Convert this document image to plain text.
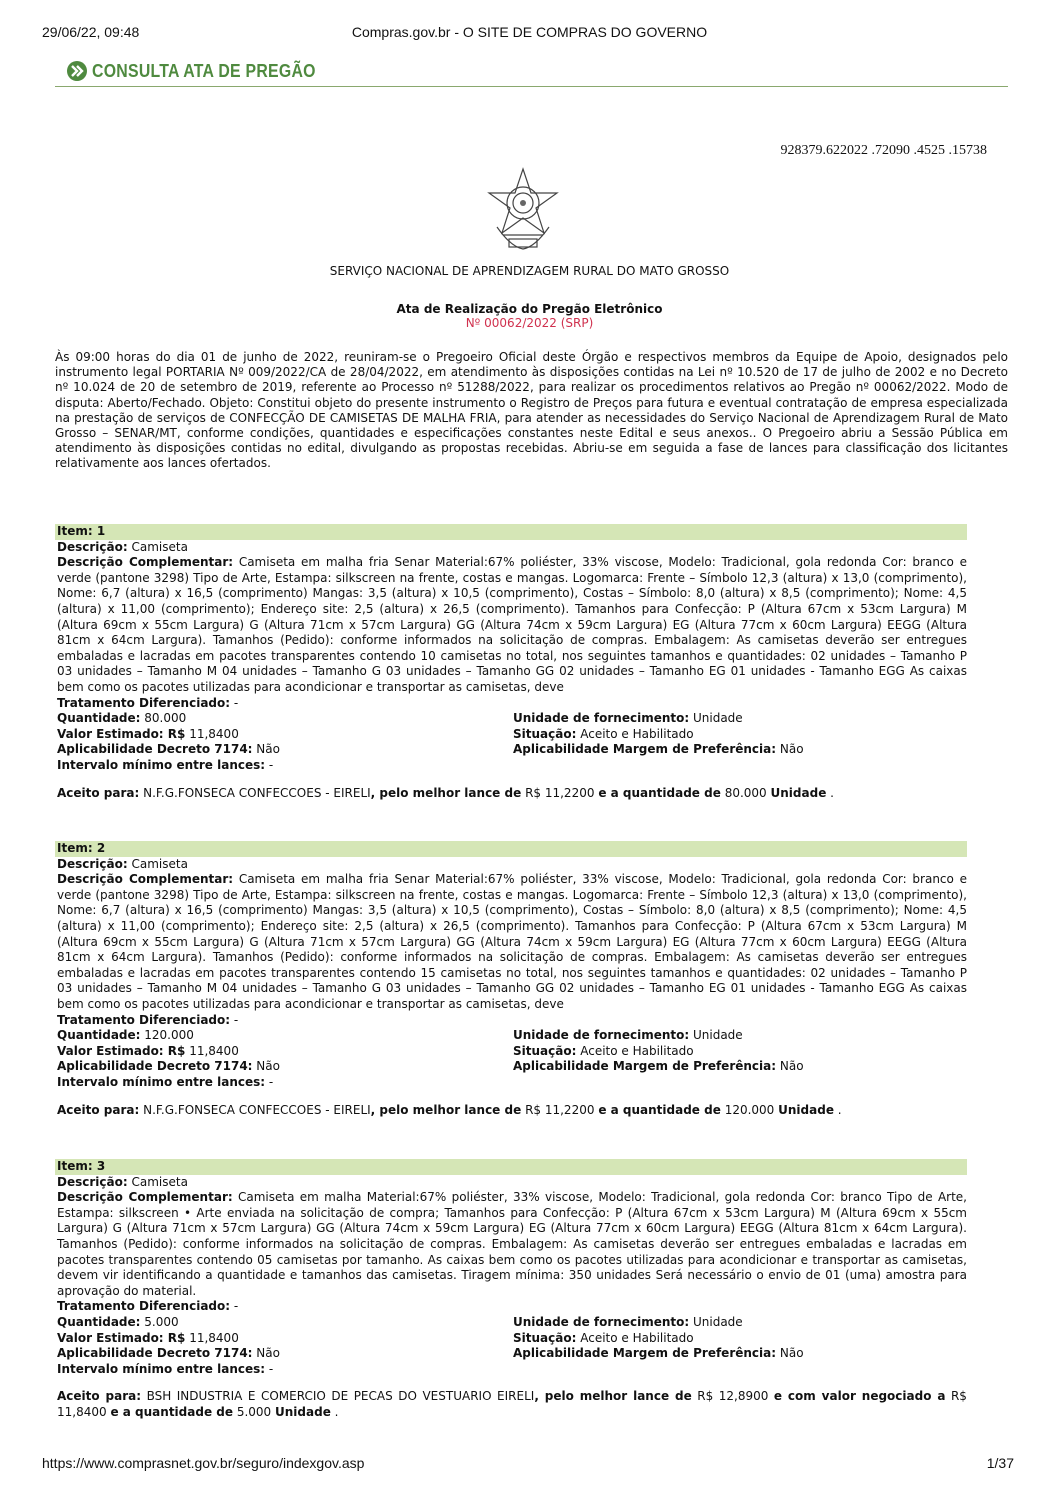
29/06/22, 09:48	Compras.gov.br - O SITE DE COMPRAS DO GOVERNO
CONSULTA ATA DE PREGÃO
928379.622022 .72090 .4525 .15738
SERVIÇO NACIONAL DE APRENDIZAGEM RURAL DO MATO GROSSO
Ata de Realização do Pregão Eletrônico
Nº 00062/2022 (SRP)
Às 09:00 horas do dia 01 de junho de 2022, reuniram-se o Pregoeiro Oficial deste Órgão e respectivos membros da Equipe de Apoio, designados pelo instrumento legal PORTARIA Nº 009/2022/CA de 28/04/2022, em atendimento às disposições contidas na Lei nº 10.520 de 17 de julho de 2002 e no Decreto nº 10.024 de 20 de setembro de 2019, referente ao Processo nº 51288/2022, para realizar os procedimentos relativos ao Pregão nº 00062/2022. Modo de disputa: Aberto/Fechado. Objeto: Constitui objeto do presente instrumento o Registro de Preços para futura e eventual contratação de empresa especializada na prestação de serviços de CONFECÇÃO DE CAMISETAS DE MALHA FRIA, para atender as necessidades do Serviço Nacional de Aprendizagem Rural de Mato Grosso – SENAR/MT, conforme condições, quantidades e especificações constantes neste Edital e seus anexos.. O Pregoeiro abriu a Sessão Pública em atendimento às disposições contidas no edital, divulgando as propostas recebidas. Abriu-se em seguida a fase de lances para classificação dos licitantes relativamente aos lances ofertados.
Item: 1
Descrição: Camiseta
Descrição Complementar: Camiseta em malha fria Senar Material:67% poliéster, 33% viscose, Modelo: Tradicional, gola redonda Cor: branco e verde (pantone 3298) Tipo de Arte, Estampa: silkscreen na frente, costas e mangas. Logomarca: Frente – Símbolo 12,3 (altura) x 13,0 (comprimento), Nome: 6,7 (altura) x 16,5 (comprimento) Mangas: 3,5 (altura) x 10,5 (comprimento), Costas – Símbolo: 8,0 (altura) x 8,5 (comprimento); Nome: 4,5 (altura) x 11,00 (comprimento); Endereço site: 2,5 (altura) x 26,5 (comprimento). Tamanhos para Confecção: P (Altura 67cm x 53cm Largura) M (Altura 69cm x 55cm Largura) G (Altura 71cm x 57cm Largura) GG (Altura 74cm x 59cm Largura) EG (Altura 77cm x 60cm Largura) EEGG (Altura 81cm x 64cm Largura). Tamanhos (Pedido): conforme informados na solicitação de compras. Embalagem: As camisetas deverão ser entregues embaladas e lacradas em pacotes transparentes contendo 10 camisetas no total, nos seguintes tamanhos e quantidades: 02 unidades – Tamanho P 03 unidades – Tamanho M 04 unidades – Tamanho G 03 unidades – Tamanho GG 02 unidades – Tamanho EG 01 unidades - Tamanho EGG As caixas bem como os pacotes utilizadas para acondicionar e transportar as camisetas, deve
Tratamento Diferenciado: -
Quantidade: 80.000	Unidade de fornecimento: Unidade
Valor Estimado: R$ 11,8400	Situação: Aceito e Habilitado
Aplicabilidade Decreto 7174: Não	Aplicabilidade Margem de Preferência: Não
Intervalo mínimo entre lances: -
Aceito para: N.F.G.FONSECA CONFECCOES - EIRELI, pelo melhor lance de R$ 11,2200 e a quantidade de 80.000 Unidade .
Item: 2
Descrição: Camiseta
Descrição Complementar: Camiseta em malha fria Senar Material:67% poliéster, 33% viscose, Modelo: Tradicional, gola redonda Cor: branco e verde (pantone 3298) Tipo de Arte, Estampa: silkscreen na frente, costas e mangas. Logomarca: Frente – Símbolo 12,3 (altura) x 13,0 (comprimento), Nome: 6,7 (altura) x 16,5 (comprimento) Mangas: 3,5 (altura) x 10,5 (comprimento), Costas – Símbolo: 8,0 (altura) x 8,5 (comprimento); Nome: 4,5 (altura) x 11,00 (comprimento); Endereço site: 2,5 (altura) x 26,5 (comprimento). Tamanhos para Confecção: P (Altura 67cm x 53cm Largura) M (Altura 69cm x 55cm Largura) G (Altura 71cm x 57cm Largura) GG (Altura 74cm x 59cm Largura) EG (Altura 77cm x 60cm Largura) EEGG (Altura 81cm x 64cm Largura). Tamanhos (Pedido): conforme informados na solicitação de compras. Embalagem: As camisetas deverão ser entregues embaladas e lacradas em pacotes transparentes contendo 15 camisetas no total, nos seguintes tamanhos e quantidades: 02 unidades – Tamanho P 03 unidades – Tamanho M 04 unidades – Tamanho G 03 unidades – Tamanho GG 02 unidades – Tamanho EG 01 unidades - Tamanho EGG As caixas bem como os pacotes utilizadas para acondicionar e transportar as camisetas, deve
Tratamento Diferenciado: -
Quantidade: 120.000	Unidade de fornecimento: Unidade
Valor Estimado: R$ 11,8400	Situação: Aceito e Habilitado
Aplicabilidade Decreto 7174: Não	Aplicabilidade Margem de Preferência: Não
Intervalo mínimo entre lances: -
Aceito para: N.F.G.FONSECA CONFECCOES - EIRELI, pelo melhor lance de R$ 11,2200 e a quantidade de 120.000 Unidade .
Item: 3
Descrição: Camiseta
Descrição Complementar: Camiseta em malha Material:67% poliéster, 33% viscose, Modelo: Tradicional, gola redonda Cor: branco Tipo de Arte, Estampa: silkscreen • Arte enviada na solicitação de compra; Tamanhos para Confecção: P (Altura 67cm x 53cm Largura) M (Altura 69cm x 55cm Largura) G (Altura 71cm x 57cm Largura) GG (Altura 74cm x 59cm Largura) EG (Altura 77cm x 60cm Largura) EEGG (Altura 81cm x 64cm Largura). Tamanhos (Pedido): conforme informados na solicitação de compras. Embalagem: As camisetas deverão ser entregues embaladas e lacradas em pacotes transparentes contendo 05 camisetas por tamanho. As caixas bem como os pacotes utilizadas para acondicionar e transportar as camisetas, devem vir identificando a quantidade e tamanhos das camisetas. Tiragem mínima: 350 unidades Será necessário o envio de 01 (uma) amostra para aprovação do material.
Tratamento Diferenciado: -
Quantidade: 5.000	Unidade de fornecimento: Unidade
Valor Estimado: R$ 11,8400	Situação: Aceito e Habilitado
Aplicabilidade Decreto 7174: Não	Aplicabilidade Margem de Preferência: Não
Intervalo mínimo entre lances: -
Aceito para: BSH INDUSTRIA E COMERCIO DE PECAS DO VESTUARIO EIRELI, pelo melhor lance de R$ 12,8900 e com valor negociado a R$ 11,8400 e a quantidade de 5.000 Unidade .
https://www.comprasnet.gov.br/seguro/indexgov.asp	1/37
